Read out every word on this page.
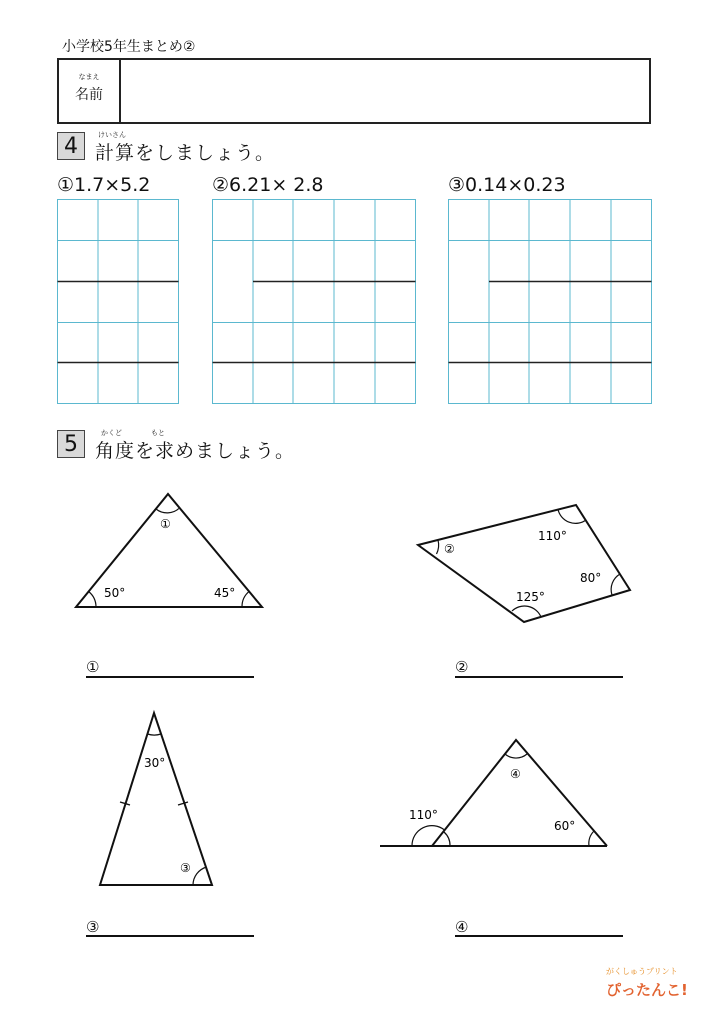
小学校5年生まとめ②
なまえ
名前
4	けいさん
計算をしましょう。
①1.7×5.2	②6.21× 2.8	③0.14×0.23
5	かくど	もと
角度を求めましょう。
①
50°	45°
②
110°
125°
80°
③
30°
④
110°
60°
①	②
③	④
がくしゅうプリント
ぴったんこ!
